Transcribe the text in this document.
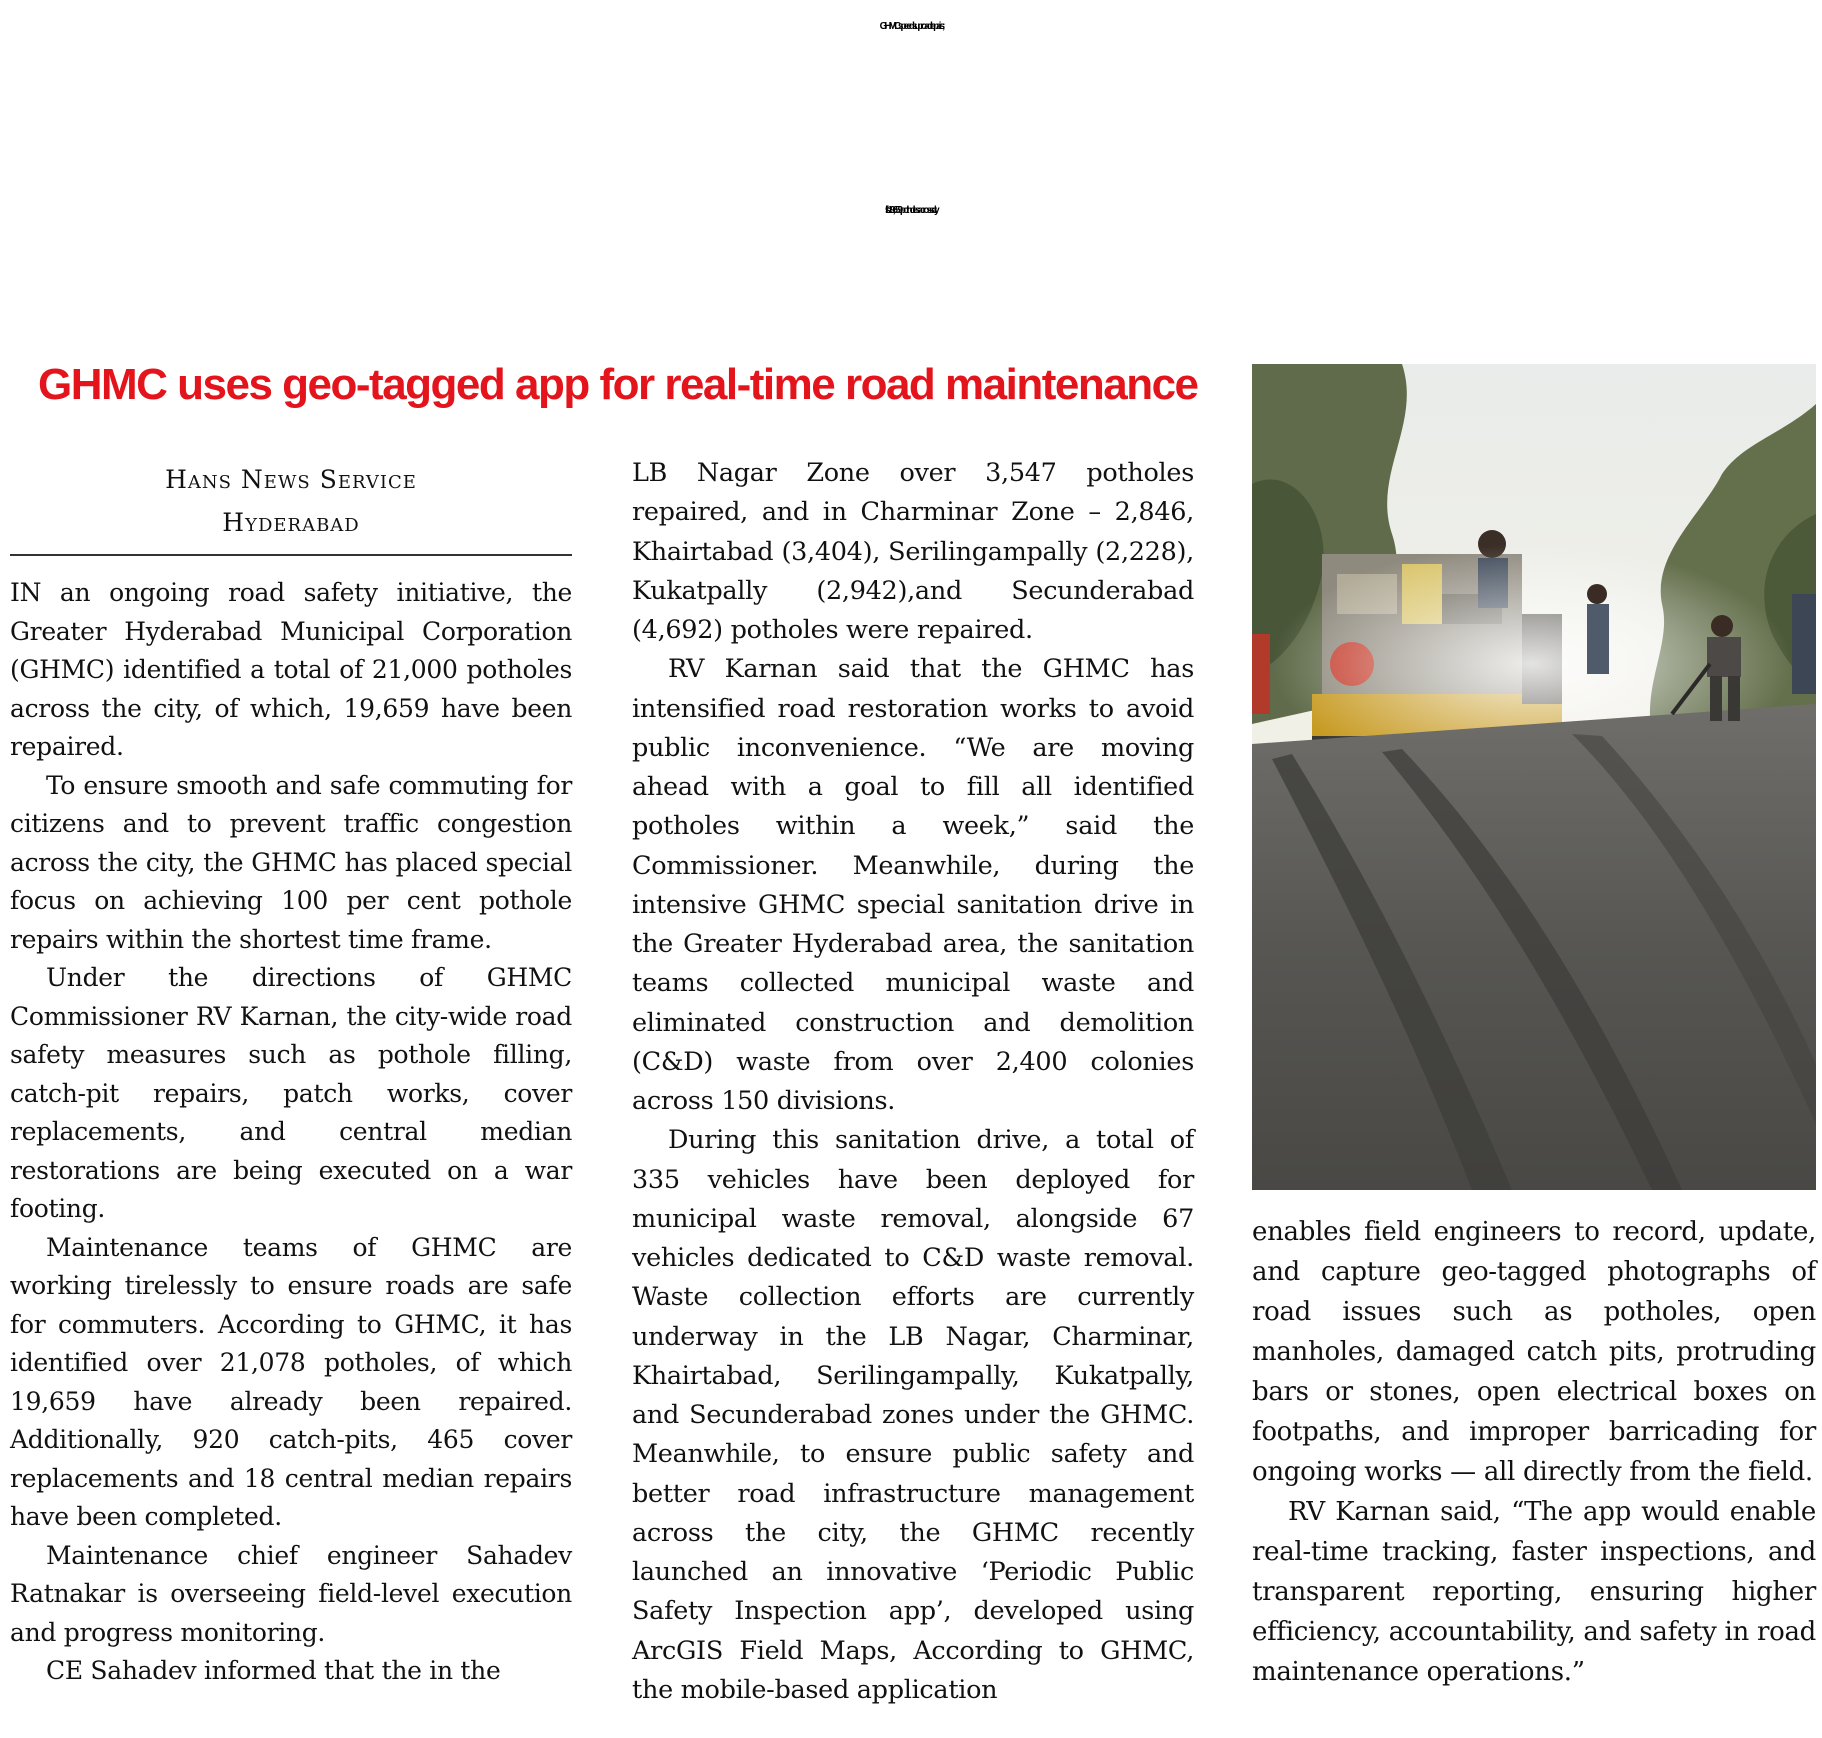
GHMC speeds up road repairs;
fills19,659 potholes across city
GHMC uses geo-tagged app for real-time road maintenance
Hans News Service
Hyderabad

IN an ongoing road safety initiative, the Greater Hyderabad Municipal Corporation (GHMC) identified a total of 21,000 potholes across the city, of which, 19,659 have been repaired.

To ensure smooth and safe commuting for citizens and to prevent traffic congestion across the city, the GHMC has placed special focus on achieving 100 per cent pothole repairs within the shortest time frame.

Under the directions of GHMC Commissioner RV Karnan, the city-wide road safety measures such as pothole filling, catch-pit repairs, patch works, cover replacements, and central median restorations are being executed on a war footing.

Maintenance teams of GHMC are working tirelessly to ensure roads are safe for commuters. According to GHMC, it has identified over 21,078 potholes, of which 19,659 have already been repaired. Additionally, 920 catch-pits, 465 cover replacements and 18 central median repairs have been completed.

Maintenance chief engineer Sahadev Ratnakar is overseeing field-level execution and progress monitoring.

CE Sahadev informed that the in the

LB Nagar Zone over 3,547 potholes repaired, and in Charminar Zone – 2,846, Khairtabad (3,404), Serilingampally (2,228), Kukatpally (2,942),and Secunderabad (4,692) potholes were repaired.

RV Karnan said that the GHMC has intensified road restoration works to avoid public inconvenience. “We are moving ahead with a goal to fill all identified potholes within a week,” said the Commissioner. Meanwhile, during the intensive GHMC special sanitation drive in the Greater Hyderabad area, the sanitation teams collected municipal waste and eliminated construction and demolition (C&D) waste from over 2,400 colonies across 150 divisions.

During this sanitation drive, a total of 335 vehicles have been deployed for municipal waste removal, alongside 67 vehicles dedicated to C&D waste removal. Waste collection efforts are currently underway in the LB Nagar, Charminar, Khairtabad, Serilingampally, Kukatpally, and Secunderabad zones under the GHMC. Meanwhile, to ensure public safety and better road infrastructure management across the city, the GHMC recently launched an innovative ‘Periodic Public Safety Inspection app’, developed using ArcGIS Field Maps, According to GHMC, the mobile-based application

enables field engineers to record, update, and capture geo-tagged photographs of road issues such as potholes, open manholes, damaged catch pits, protruding bars or stones, open electrical boxes on footpaths, and improper barricading for ongoing works — all directly from the field.

RV Karnan said, “The app would enable real-time tracking, faster inspections, and transparent reporting, ensuring higher efficiency, accountability, and safety in road maintenance operations.”
